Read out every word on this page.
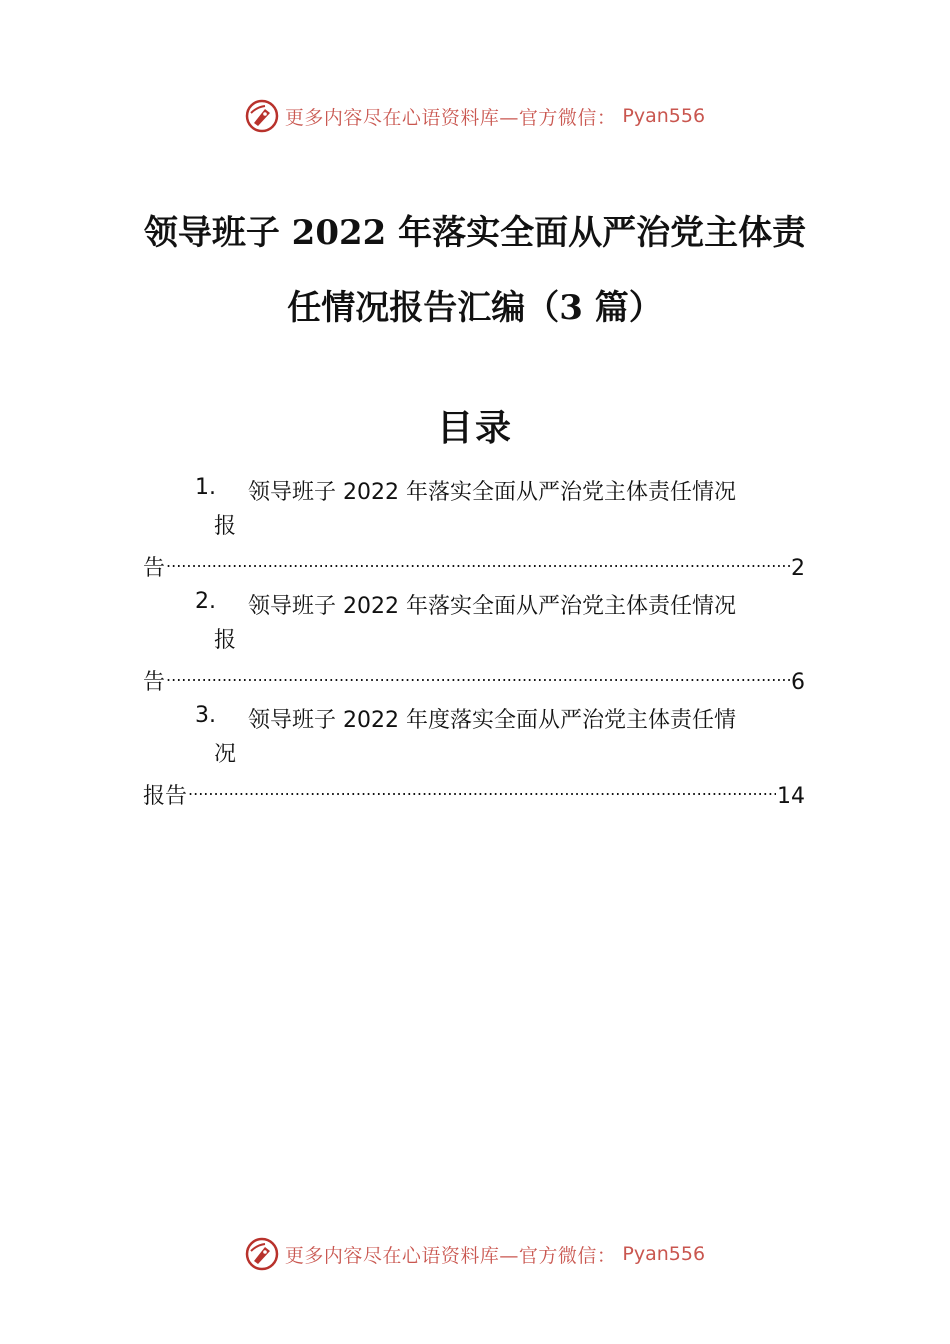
更多内容尽在心语资料库—官方微信： Pyan556
领导班子 2022 年落实全面从严治党主体责
任情况报告汇编（3 篇）
目录
1. 领导班子 2022 年落实全面从严治党主体责任情况
报
告 .....	2
2. 领导班子 2022 年落实全面从严治党主体责任情况
报
告 .....	6
3. 领导班子 2022 年度落实全面从严治党主体责任情
况
报告 .....	14
更多内容尽在心语资料库—官方微信： Pyan556
